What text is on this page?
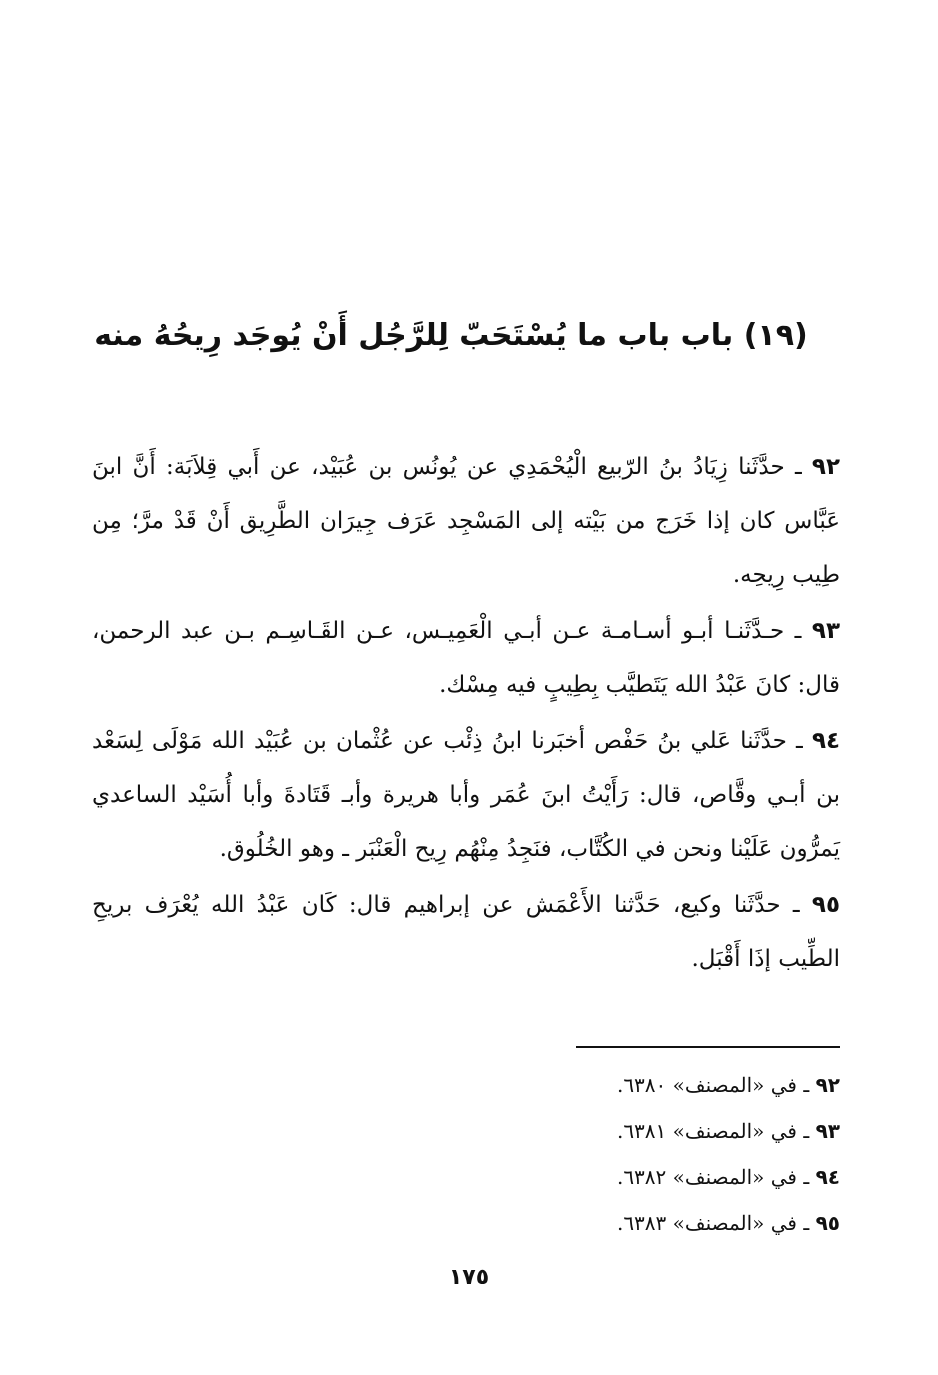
(١٩) باب باب ما يُسْتَحَبّ لِلرَّجُل أَنْ يُوجَد رِيحُهُ منه

٩٢ ـ حدَّثَنا زِيَادُ بنُ الرّبيع الْيُحْمَدِي عن يُونُس بن عُبَيْد، عن أَبي قِلاَبَة: أَنَّ ابنَ عَبَّاس كان إذا خَرَج من بَيْته إلى المَسْجِد عَرَف جِيرَان الطَّرِيق أَنْ قَدْ مرَّ؛ مِن طِيب رِيحِه.

٩٣ ـ حـدَّثَنـا أبـو أسـامـة عـن أبـي الْعَمِيـس، عـن القَـاسِـم بـن عبد الرحمن، قال: كانَ عَبْدُ الله يَتَطيَّب بِطِيبٍ فيه مِسْك.

٩٤ ـ حدَّثَنا عَلي بنُ حَفْص أخبَرنا ابنُ ذِئْب عن عُثْمان بن عُبَيْد الله مَوْلَى لِسَعْد بن أبـي وقَّاص، قال: رَأَيْتُ ابنَ عُمَر وأبا هريرة وأبـ قَتَادةَ وأبا أُسَيْد الساعدي يَمرُّون عَلَيْنا ونحن في الكُتَّاب، فنَجِدُ مِنْهُم رِيح الْعَنْبَر ـ وهو الخُلُوق.

٩٥ ـ حدَّثَنا وكيع، حَدَّثنا الأَعْمَش عن إبراهيم قال: كَان عَبْدُ الله يُعْرَف بريحِ الطِّيب إذَا أَقْبَل.

٩٢ ـ في «المصنف» ٦٣٨٠.
٩٣ ـ في «المصنف» ٦٣٨١.
٩٤ ـ في «المصنف» ٦٣٨٢.
٩٥ ـ في «المصنف» ٦٣٨٣.
١٧٥
